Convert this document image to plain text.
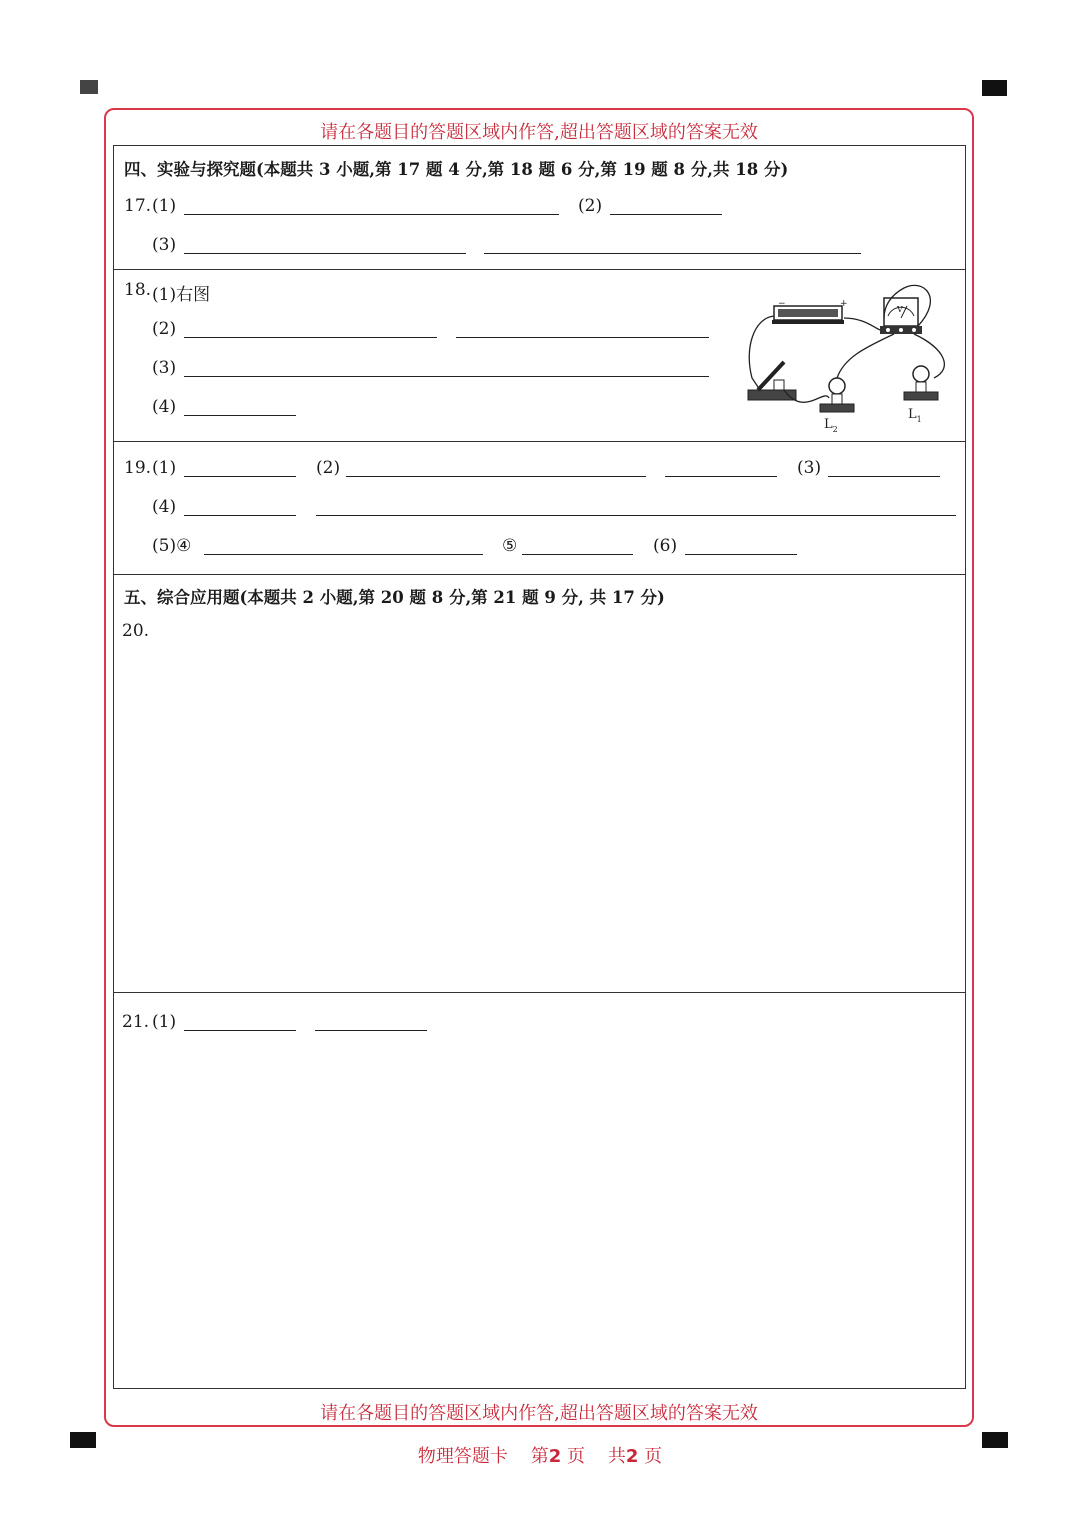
请在各题目的答题区域内作答,超出答题区域的答案无效
请在各题目的答题区域内作答,超出答题区域的答案无效
四、实验与探究题(本题共 3 小题,第 17 题 4 分,第 18 题 6 分,第 19 题 8 分,共 18 分)
17. (1)	(2)
(3)
18. (1)右图
(2)
(3)
(4)
−	+
V
$L_2$
$L_1$
19. (1)	(2)	(3)
(4)
(5)④	⑤	(6)
五、综合应用题(本题共 2 小题,第 20 题 8 分,第 21 题 9 分, 共 17 分)
20.
21. (1)
物理答题卡 第2 页 共2 页
